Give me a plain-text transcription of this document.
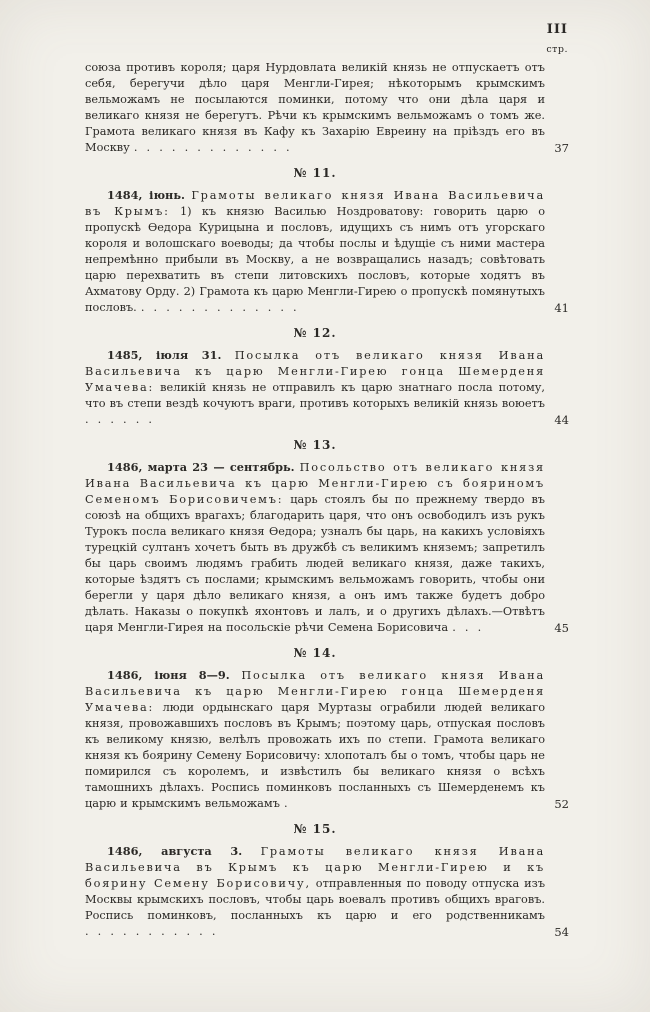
III
стр.

союза противъ короля; царя Нурдовлата великій князь не отпускаетъ отъ себя, берегучи дѣло царя Менгли-Гирея; нѣкоторымъ крымскимъ вельможамъ не посылаются поминки, потому что они дѣла царя и великаго князя не берегутъ. Рѣчи къ крымскимъ вельможамъ о томъ же. Грамота великаго князя въ Кафу къ Захарію Евреину на пріѣздъ его въ Москву . . . . . . . . . . . . .	37

№ 11.

1484, іюнь. Грамоты великаго князя Ивана Васильевича въ Крымъ: 1) къ князю Василью Ноздроватову: говорить царю о пропускѣ Ѳедора Курицына и пословъ, идущихъ съ нимъ отъ угорскаго короля и волошскаго воеводы; да чтобы послы и ѣдущіе съ ними мастера непремѣнно прибыли въ Москву, а не возвращались назадъ; совѣтовать царю перехватить въ степи литовскихъ пословъ, которые ходятъ въ Ахматову Орду. 2) Грамота къ царю Менгли-Гирею о пропускѣ помянутыхъ пословъ. . . . . . . . . . . . . .	41

№ 12.

1485, іюля 31. Посылка отъ великаго князя Ивана Васильевича къ царю Менгли-Гирею гонца Шемерденя Умачева: великій князь не отправилъ къ царю знатнаго посла потому, что въ степи вездѣ кочуютъ враги, противъ которыхъ великій князь воюетъ . . . . . .	44

№ 13.

1486, марта 23 — сентябрь. Посольство отъ великаго князя Ивана Васильевича къ царю Менгли-Гирею съ бояриномъ Семеномъ Борисовичемъ: царь стоялъ бы по прежнему твердо въ союзѣ на общихъ врагахъ; благодарить царя, что онъ освободилъ изъ рукъ Турокъ посла великаго князя Ѳедора; узналъ бы царь, на какихъ условіяхъ турецкій султанъ хочетъ быть въ дружбѣ съ великимъ княземъ; запретилъ бы царь своимъ людямъ грабить людей великаго князя, даже такихъ, которые ѣздятъ съ послами; крымскимъ вельможамъ говорить, чтобы они берегли у царя дѣло великаго князя, а онъ имъ также будетъ добро дѣлать. Наказы о покупкѣ яхонтовъ и лалъ, и о другихъ дѣлахъ.—Отвѣтъ царя Менгли-Гирея на посольскіе рѣчи Семена Борисовича . . .	45

№ 14.

1486, іюня 8—9. Посылка отъ великаго князя Ивана Васильевича къ царю Менгли-Гирею гонца Шемерденя Умачева: люди ордынскаго царя Муртазы ограбили людей великаго князя, провожавшихъ пословъ въ Крымъ; поэтому царь, отпуская пословъ къ великому князю, велѣлъ провожать ихъ по степи. Грамота великаго князя къ боярину Семену Борисовичу: хлопоталъ бы о томъ, чтобы царь не помирился съ королемъ, и извѣстилъ бы великаго князя о всѣхъ тамошнихъ дѣлахъ. Роспись поминковъ посланныхъ съ Шемерденемъ къ царю и крымскимъ вельможамъ .	52

№ 15.

1486, августа 3. Грамоты великаго князя Ивана Васильевича въ Крымъ къ царю Менгли-Гирею и къ боярину Семену Борисовичу, отправленныя по поводу отпуска изъ Москвы крымскихъ пословъ, чтобы царь воевалъ противъ общихъ враговъ. Роспись поминковъ, посланныхъ къ царю и его родственникамъ . . . . . . . . . . .	54
